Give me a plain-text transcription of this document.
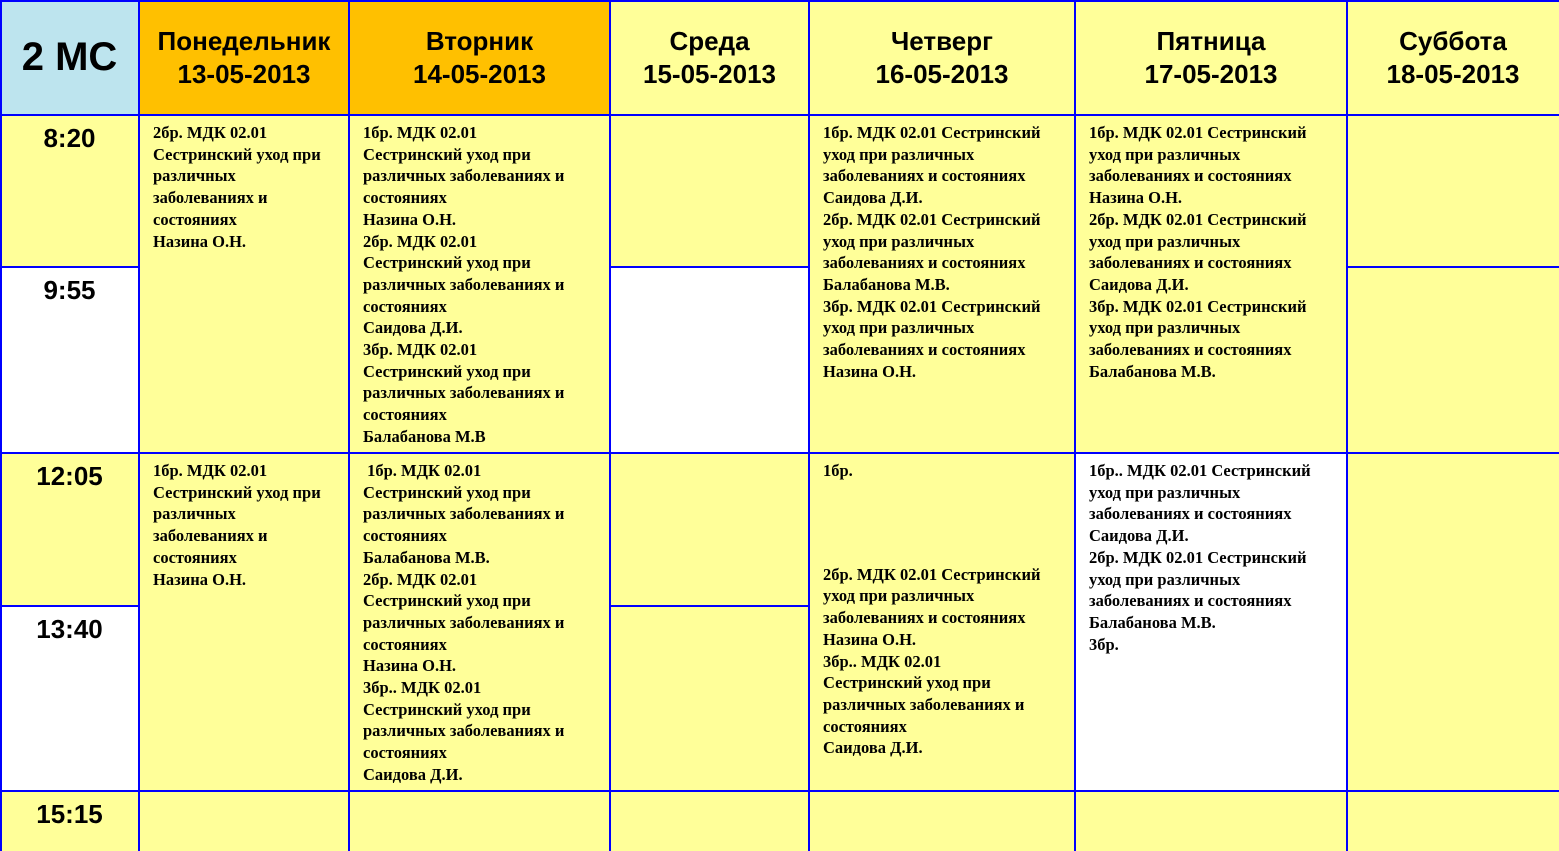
2 МС	Понедельник
13-05-2013
Вторник
14-05-2013
Среда
15-05-2013
Четверг
16-05-2013
Пятница
17-05-2013
Суббота
18-05-2013
8:20
9:55
12:05
13:40
15:15
2бр. МДК 02.01
Сестринский уход при
различных
заболеваниях и
состояниях
Назина О.Н.
1бр. МДК 02.01
Сестринский уход при
различных заболеваниях и
состояниях
Назина О.Н.
2бр. МДК 02.01
Сестринский уход при
различных заболеваниях и
состояниях
Саидова Д.И.
3бр. МДК 02.01
Сестринский уход при
различных заболеваниях и
состояниях
Балабанова М.В
1бр. МДК 02.01 Сестринский
уход при различных
заболеваниях и состояниях
Саидова Д.И.
2бр. МДК 02.01 Сестринский
уход при различных
заболеваниях и состояниях
Балабанова М.В.
3бр. МДК 02.01 Сестринский
уход при различных
заболеваниях и состояниях
Назина О.Н.
1бр. МДК 02.01 Сестринский
уход при различных
заболеваниях и состояниях
Назина О.Н.
2бр. МДК 02.01 Сестринский
уход при различных
заболеваниях и состояниях
Саидова Д.И.
3бр. МДК 02.01 Сестринский
уход при различных
заболеваниях и состояниях
Балабанова М.В.
1бр. МДК 02.01
Сестринский уход при
различных
заболеваниях и
состояниях
Назина О.Н.
1бр. МДК 02.01
Сестринский уход при
различных заболеваниях и
состояниях
Балабанова М.В.
2бр. МДК 02.01
Сестринский уход при
различных заболеваниях и
состояниях
Назина О.Н.
3бр.. МДК 02.01
Сестринский уход при
различных заболеваниях и
состояниях
Саидова Д.И.
1бр.
2бр. МДК 02.01 Сестринский
уход при различных
заболеваниях и состояниях
Назина О.Н.
3бр.. МДК 02.01
Сестринский уход при
различных заболеваниях и
состояниях
Саидова Д.И.
1бр.. МДК 02.01 Сестринский
уход при различных
заболеваниях и состояниях
Саидова Д.И.
2бр. МДК 02.01 Сестринский
уход при различных
заболеваниях и состояниях
Балабанова М.В.
3бр.
